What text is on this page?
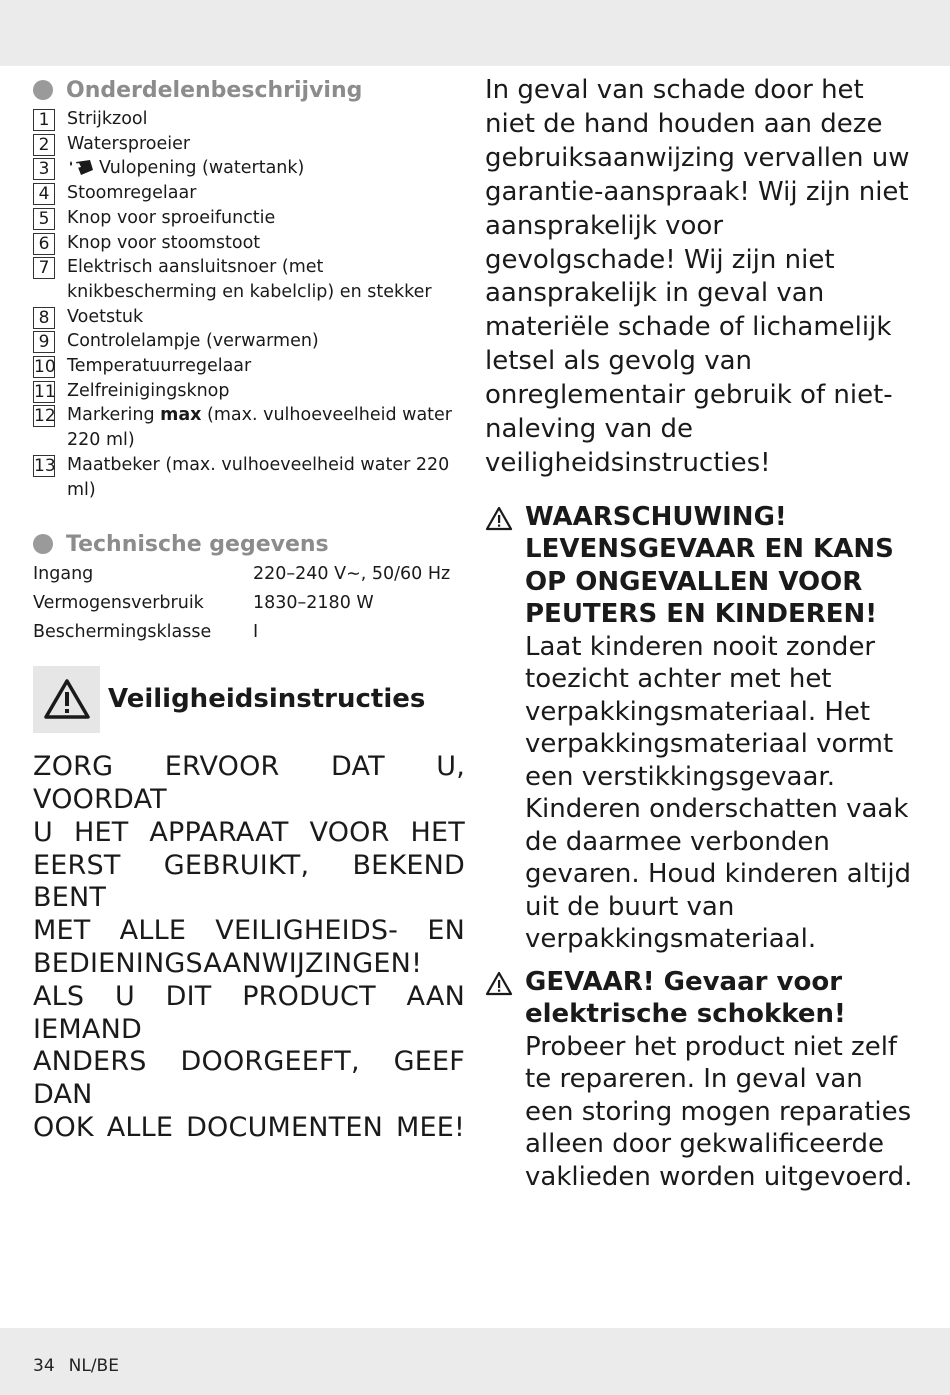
Onderdelenbeschrijving
1	Strijkzool
2	Watersproeier
3	Vulopening (watertank)
4	Stoomregelaar
5	Knop voor sproeifunctie
6	Knop voor stoomstoot
7	Elektrisch aansluitsnoer (met knikbescherming en kabelclip) en stekker
8	Voetstuk
9	Controlelampje (verwarmen)
10 Temperatuurregelaar
11 Zelfreinigingsknop
12 Markering max (max. vulhoeveelheid water 220 ml)
13 Maatbeker (max. vulhoeveelheid water 220 ml)
Technische gegevens
Ingang	220–240 V∼, 50/60 Hz
Vermogensverbruik	1830–2180 W
Beschermingsklasse	I
Veiligheidsinstructies
ZORG ERVOOR DAT U, VOORDAT
U HET APPARAAT VOOR HET
EERST GEBRUIKT, BEKEND BENT
MET ALLE VEILIGHEIDS- EN
BEDIENINGSAANWIJZINGEN!
ALS U DIT PRODUCT AAN IEMAND
ANDERS DOORGEEFT, GEEF DAN
OOK ALLE DOCUMENTEN MEE!
In geval van schade door het niet de hand houden aan deze gebruiksaanwijzing vervallen uw garantie-aanspraak! Wij zijn niet aansprakelijk voor gevolgschade! Wij zijn niet aansprakelijk in geval van materiële schade of lichamelijk letsel als gevolg van onreglementair gebruik of niet-naleving van de veiligheidsinstructies!
WAARSCHUWING! LEVENSGEVAAR EN KANS OP ONGEVALLEN VOOR PEUTERS EN KINDEREN!
Laat kinderen nooit zonder toezicht achter met het verpakkingsmateriaal. Het verpakkingsmateriaal vormt een verstikkingsgevaar. Kinderen onderschatten vaak de daarmee verbonden gevaren. Houd kinderen altijd uit de buurt van verpakkingsmateriaal.
GEVAAR! Gevaar voor elektrische schokken!
Probeer het product niet zelf te repareren. In geval van een storing mogen reparaties alleen door gekwalificeerde vaklieden worden uitgevoerd.
34 NL/BE
